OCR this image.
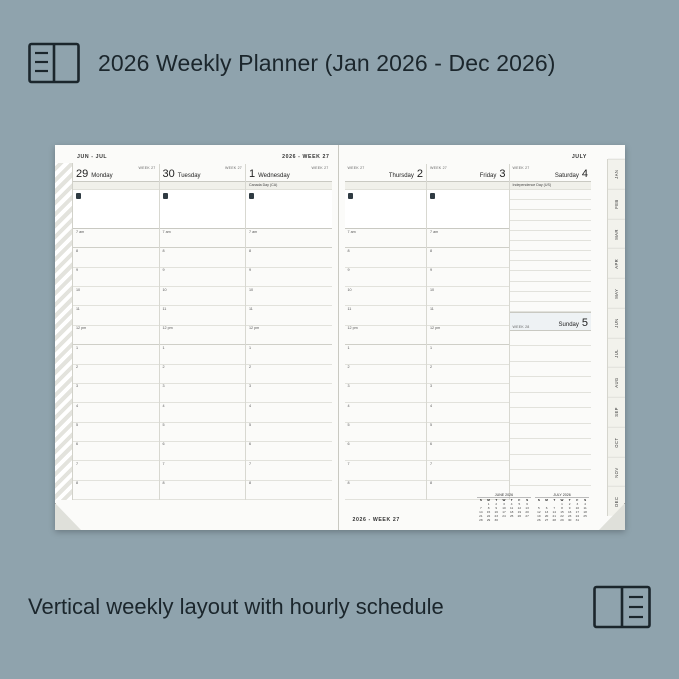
2026 Weekly Planner (Jan 2026 - Dec 2026)
JUN - JUL	2026 - WEEK 27
29 Monday
WEEK 27
7 am
8
9
10
11
12 pm
1
2
3
4
5
6
7
8
30 Tuesday
WEEK 27
7 am
8
9
10
11
12 pm
1
2
3
4
5
6
7
8
1 Wednesday
WEEK 27
Canada Day (CA)
7 am
8
9
10
11
12 pm
1
2
3
4
5
6
7
8
JULY
Thursday 2
WEEK 27
7 am
8
9
10
11
12 pm
1
2
3
4
5
6
7
8
Friday 3
WEEK 27
7 am
8
9
10
11
12 pm
1
2
3
4
5
6
7
8
Saturday 4
WEEK 27
Independence Day (US)
WEEK 28	Sunday 5
JUNE 2026
S	M	T	W	T	F	S
	1	2	3	4	5	6
7	8	9	10	11	12	13
14	15	16	17	18	19	20
21	22	23	24	25	26	27
28	29	30				
JULY 2026
S	M	T	W	T	F	S
			1	2	3	4
5	6	7	8	9	10	11
12	13	14	15	16	17	18
19	20	21	22	23	24	25
26	27	28	29	30	31	
2026 - WEEK 27
JAN
FEB
MAR
APR
MAY
JUN
JUL
AUG
SEP
OCT
NOV
DEC
Vertical weekly layout with hourly schedule
